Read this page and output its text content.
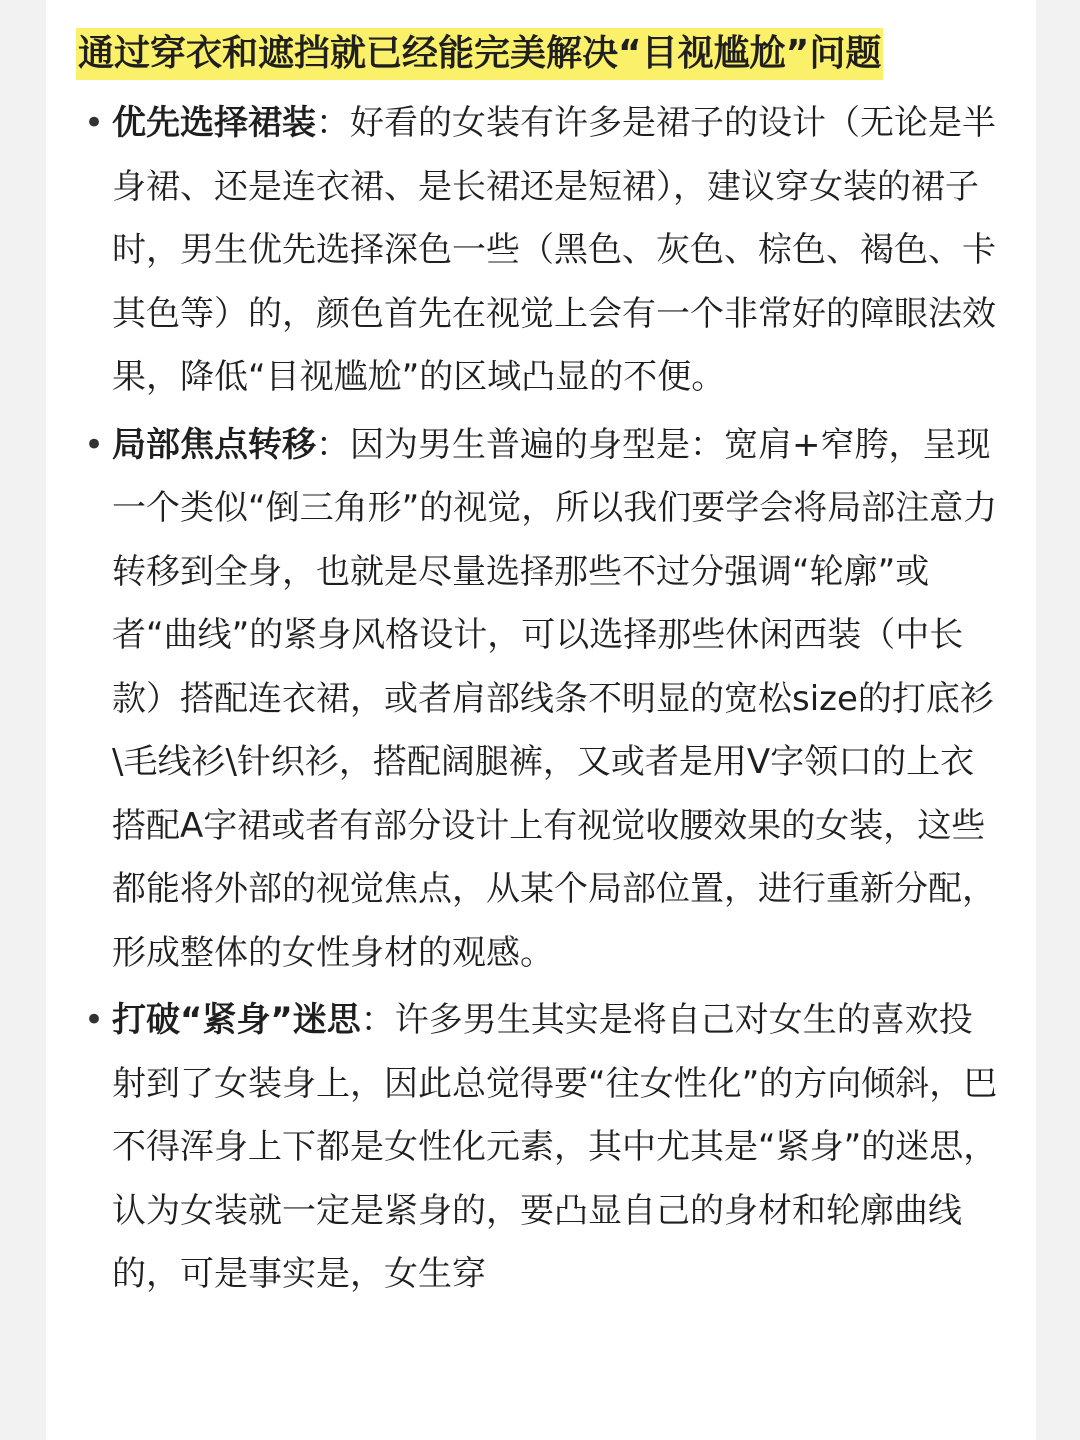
通过穿衣和遮挡就已经能完美解决“目视尴尬”问题
• 优先选择裙装：好看的女装有许多是裙子的设计（无论是半身裙、还是连衣裙、是长裙还是短裙），建议穿女装的裙子时，男生优先选择深色一些（黑色、灰色、棕色、褐色、卡其色等）的，颜色首先在视觉上会有一个非常好的障眼法效果，降低“目视尴尬”的区域凸显的不便。
• 局部焦点转移：因为男生普遍的身型是：宽肩+窄胯，呈现一个类似“倒三角形”的视觉，所以我们要学会将局部注意力转移到全身，也就是尽量选择那些不过分强调“轮廓”或者“曲线”的紧身风格设计，可以选择那些休闲西装（中长款）搭配连衣裙，或者肩部线条不明显的宽松size的打底衫\毛线衫\针织衫，搭配阔腿裤，又或者是用V字领口的上衣搭配A字裙或者有部分设计上有视觉收腰效果的女装，这些都能将外部的视觉焦点，从某个局部位置，进行重新分配，形成整体的女性身材的观感。
• 打破“紧身”迷思：许多男生其实是将自己对女生的喜欢投射到了女装身上，因此总觉得要“往女性化”的方向倾斜，巴不得浑身上下都是女性化元素，其中尤其是“紧身”的迷思，认为女装就一定是紧身的，要凸显自己的身材和轮廓曲线的，可是事实是，女生穿
